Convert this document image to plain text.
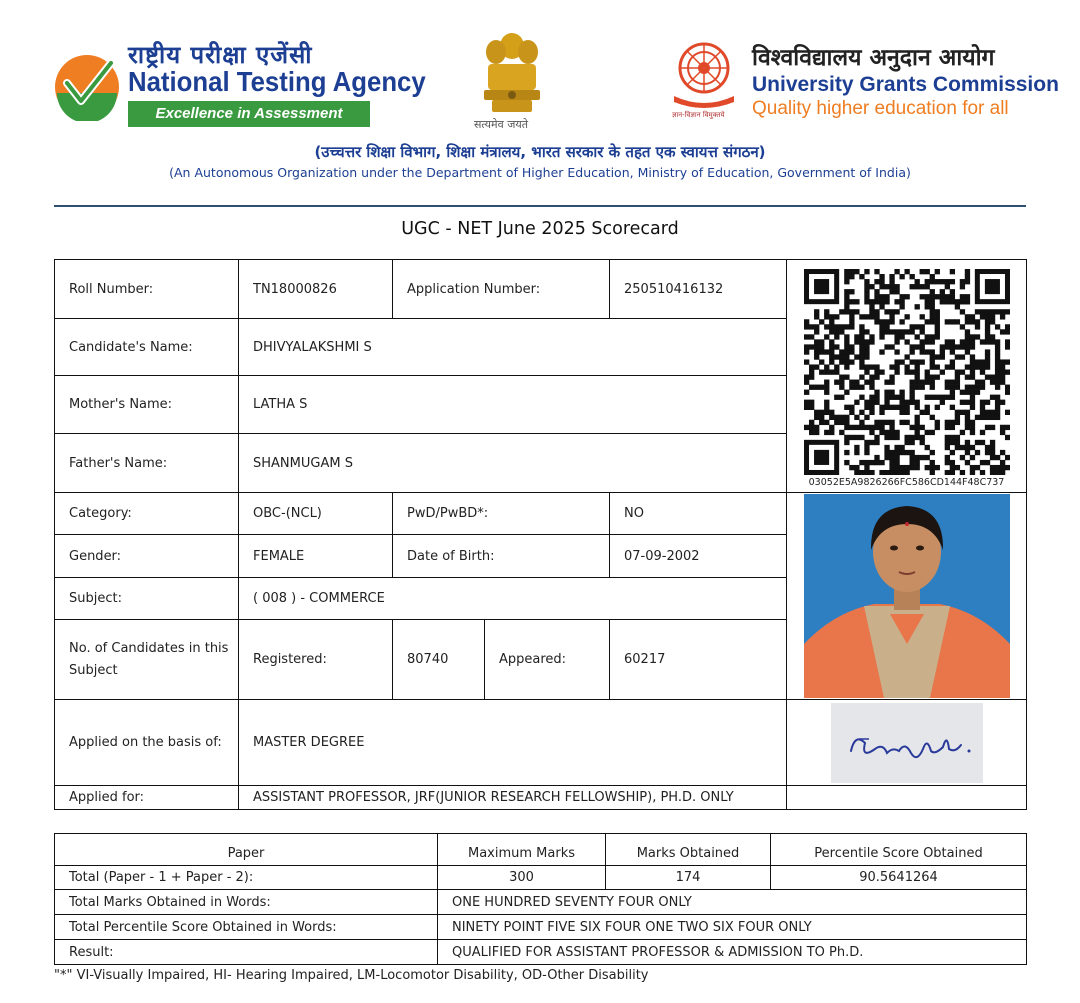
राष्ट्रीय परीक्षा एजेंसी
National Testing Agency
Excellence in Assessment
सत्यमेव जयते
ज्ञान-विज्ञान विमुक्तये
विश्वविद्यालय अनुदान आयोग
University Grants Commission
Quality higher education for all
(उच्चत्तर शिक्षा विभाग, शिक्षा मंत्रालय, भारत सरकार के तहत एक स्वायत्त संगठन)
(An Autonomous Organization under the Department of Higher Education, Ministry of Education, Government of India)
UGC - NET June 2025 Scorecard
Roll Number:	TN18000826	Application Number:		250510416132	03052E5A9826266FC586CD144F48C737

Candidate's Name:	DHIVYALAKSHMI S				
Mother's Name:	LATHA S				
Father's Name:	SHANMUGAM S				
Category:	OBC-(NCL)	PwD/PwBD*:		NO	

Gender:	FEMALE	Date of Birth:		07-09-2002	
Subject:	( 008 ) - COMMERCE				
No. of Candidates in this Subject	Registered:	80740	Appeared:	60217	
Applied on the basis of:	MASTER DEGREE	
Applied for:	ASSISTANT PROFESSOR, JRF(JUNIOR RESEARCH FELLOWSHIP), PH.D. ONLY				
Paper	Maximum Marks	Marks Obtained	Percentile Score Obtained
Total (Paper - 1 + Paper - 2):	300	174	90.5641264
Total Marks Obtained in Words:	ONE HUNDRED SEVENTY FOUR ONLY		
Total Percentile Score Obtained in Words:	NINETY POINT FIVE SIX FOUR ONE TWO SIX FOUR ONLY		
Result:	QUALIFIED FOR ASSISTANT PROFESSOR & ADMISSION TO Ph.D.		
"*" VI-Visually Impaired, HI- Hearing Impaired, LM-Locomotor Disability, OD-Other Disability
